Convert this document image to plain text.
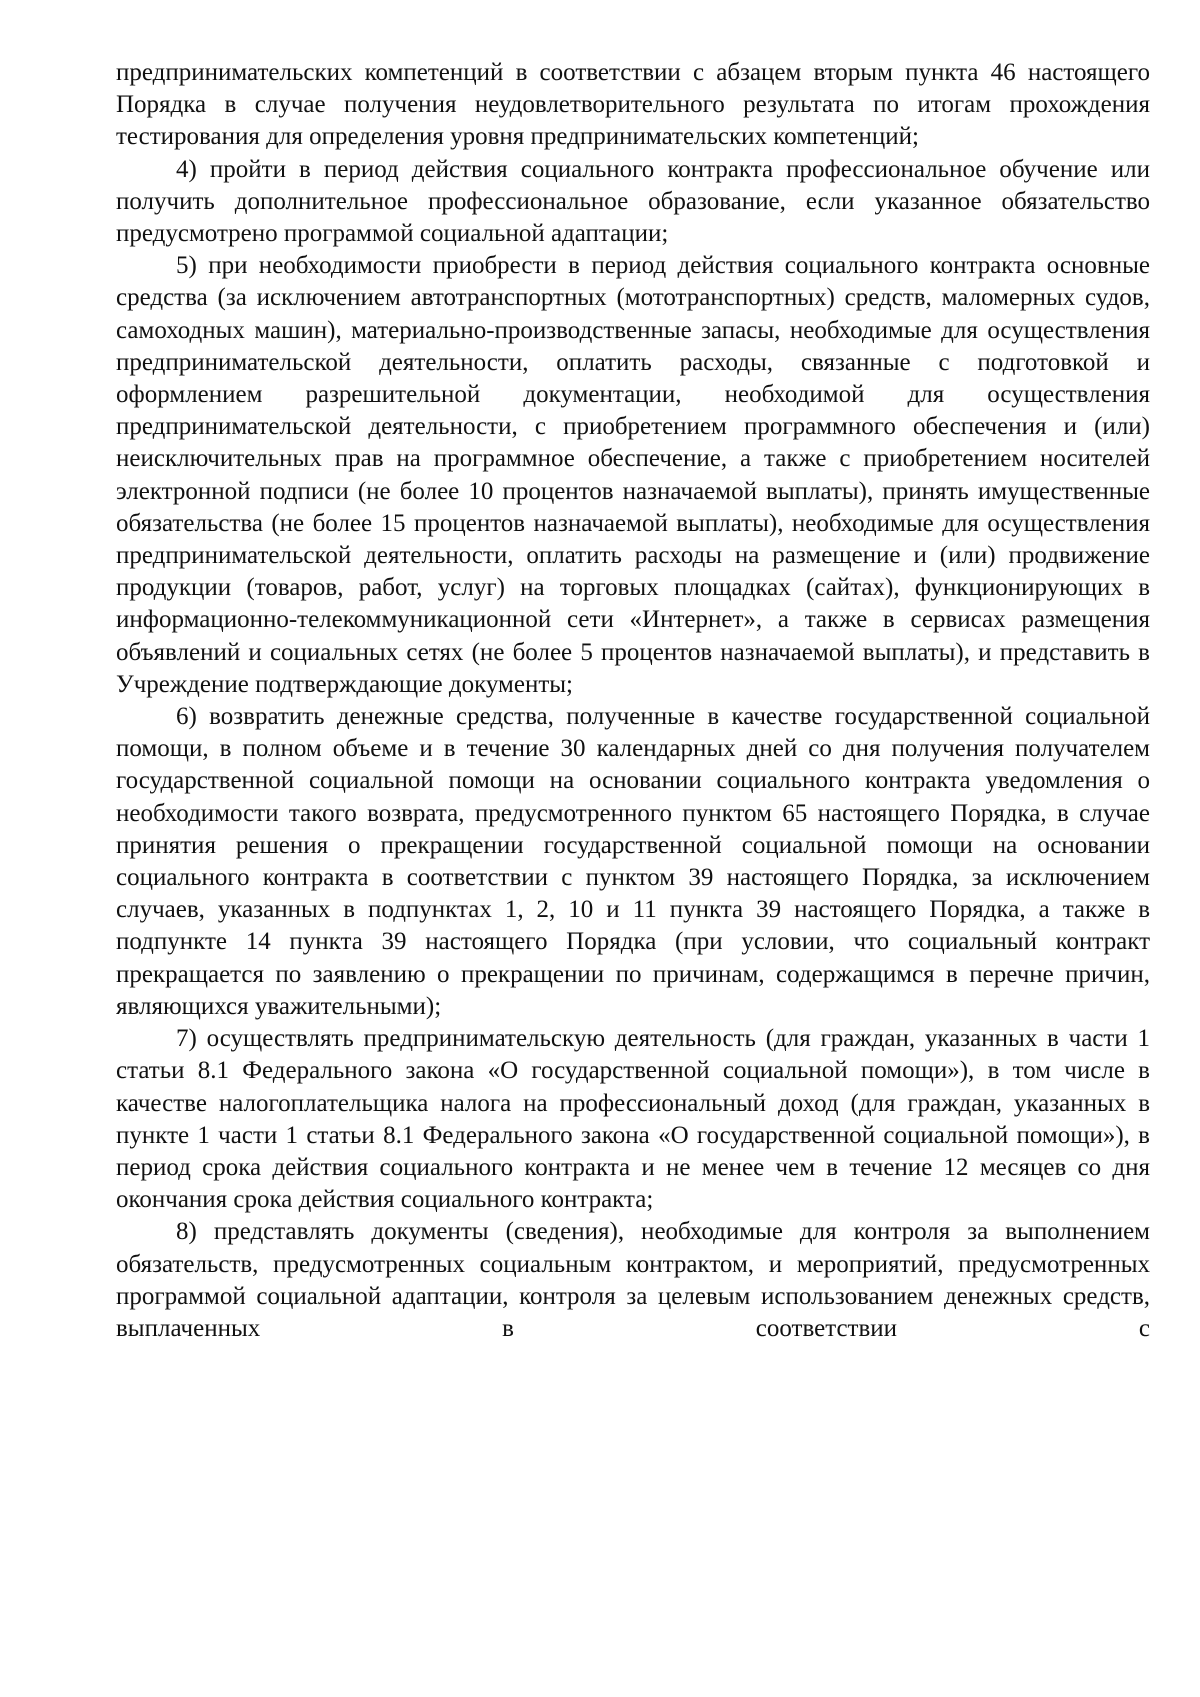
предпринимательских компетенций в соответствии с абзацем вторым пункта 46 настоящего Порядка в случае получения неудовлетворительного результата по итогам прохождения тестирования для определения уровня предпринимательских компетенций;

4) пройти в период действия социального контракта профессиональное обучение или получить дополнительное профессиональное образование, если указанное обязательство предусмотрено программой социальной адаптации;

5) при необходимости приобрести в период действия социального контракта основные средства (за исключением автотранспортных (мототранспортных) средств, маломерных судов, самоходных машин), материально-производственные запасы, необходимые для осуществления предпринимательской деятельности, оплатить расходы, связанные с подготовкой и оформлением разрешительной документации, необходимой для осуществления предпринимательской деятельности, с приобретением программного обеспечения и (или) неисключительных прав на программное обеспечение, а также с приобретением носителей электронной подписи (не более 10 процентов назначаемой выплаты), принять имущественные обязательства (не более 15 процентов назначаемой выплаты), необходимые для осуществления предпринимательской деятельности, оплатить расходы на размещение и (или) продвижение продукции (товаров, работ, услуг) на торговых площадках (сайтах), функционирующих в информационно-телекоммуникационной сети «Интернет», а также в сервисах размещения объявлений и социальных сетях (не более 5 процентов назначаемой выплаты), и представить в Учреждение подтверждающие документы;

6) возвратить денежные средства, полученные в качестве государственной социальной помощи, в полном объеме и в течение 30 календарных дней со дня получения получателем государственной социальной помощи на основании социального контракта уведомления о необходимости такого возврата, предусмотренного пунктом 65 настоящего Порядка, в случае принятия решения о прекращении государственной социальной помощи на основании социального контракта в соответствии с пунктом 39 настоящего Порядка, за исключением случаев, указанных в подпунктах 1, 2, 10 и 11 пункта 39 настоящего Порядка, а также в подпункте 14 пункта 39 настоящего Порядка (при условии, что социальный контракт прекращается по заявлению о прекращении по причинам, содержащимся в перечне причин, являющихся уважительными);

7) осуществлять предпринимательскую деятельность (для граждан, указанных в части 1 статьи 8.1 Федерального закона «О государственной социальной помощи»), в том числе в качестве налогоплательщика налога на профессиональный доход (для граждан, указанных в пункте 1 части 1 статьи 8.1 Федерального закона «О государственной социальной помощи»), в период срока действия социального контракта и не менее чем в течение 12 месяцев со дня окончания срока действия социального контракта;

8) представлять документы (сведения), необходимые для контроля за выполнением обязательств, предусмотренных социальным контрактом, и мероприятий, предусмотренных программой социальной адаптации, контроля за целевым использованием денежных средств, выплаченных в соответствии с
